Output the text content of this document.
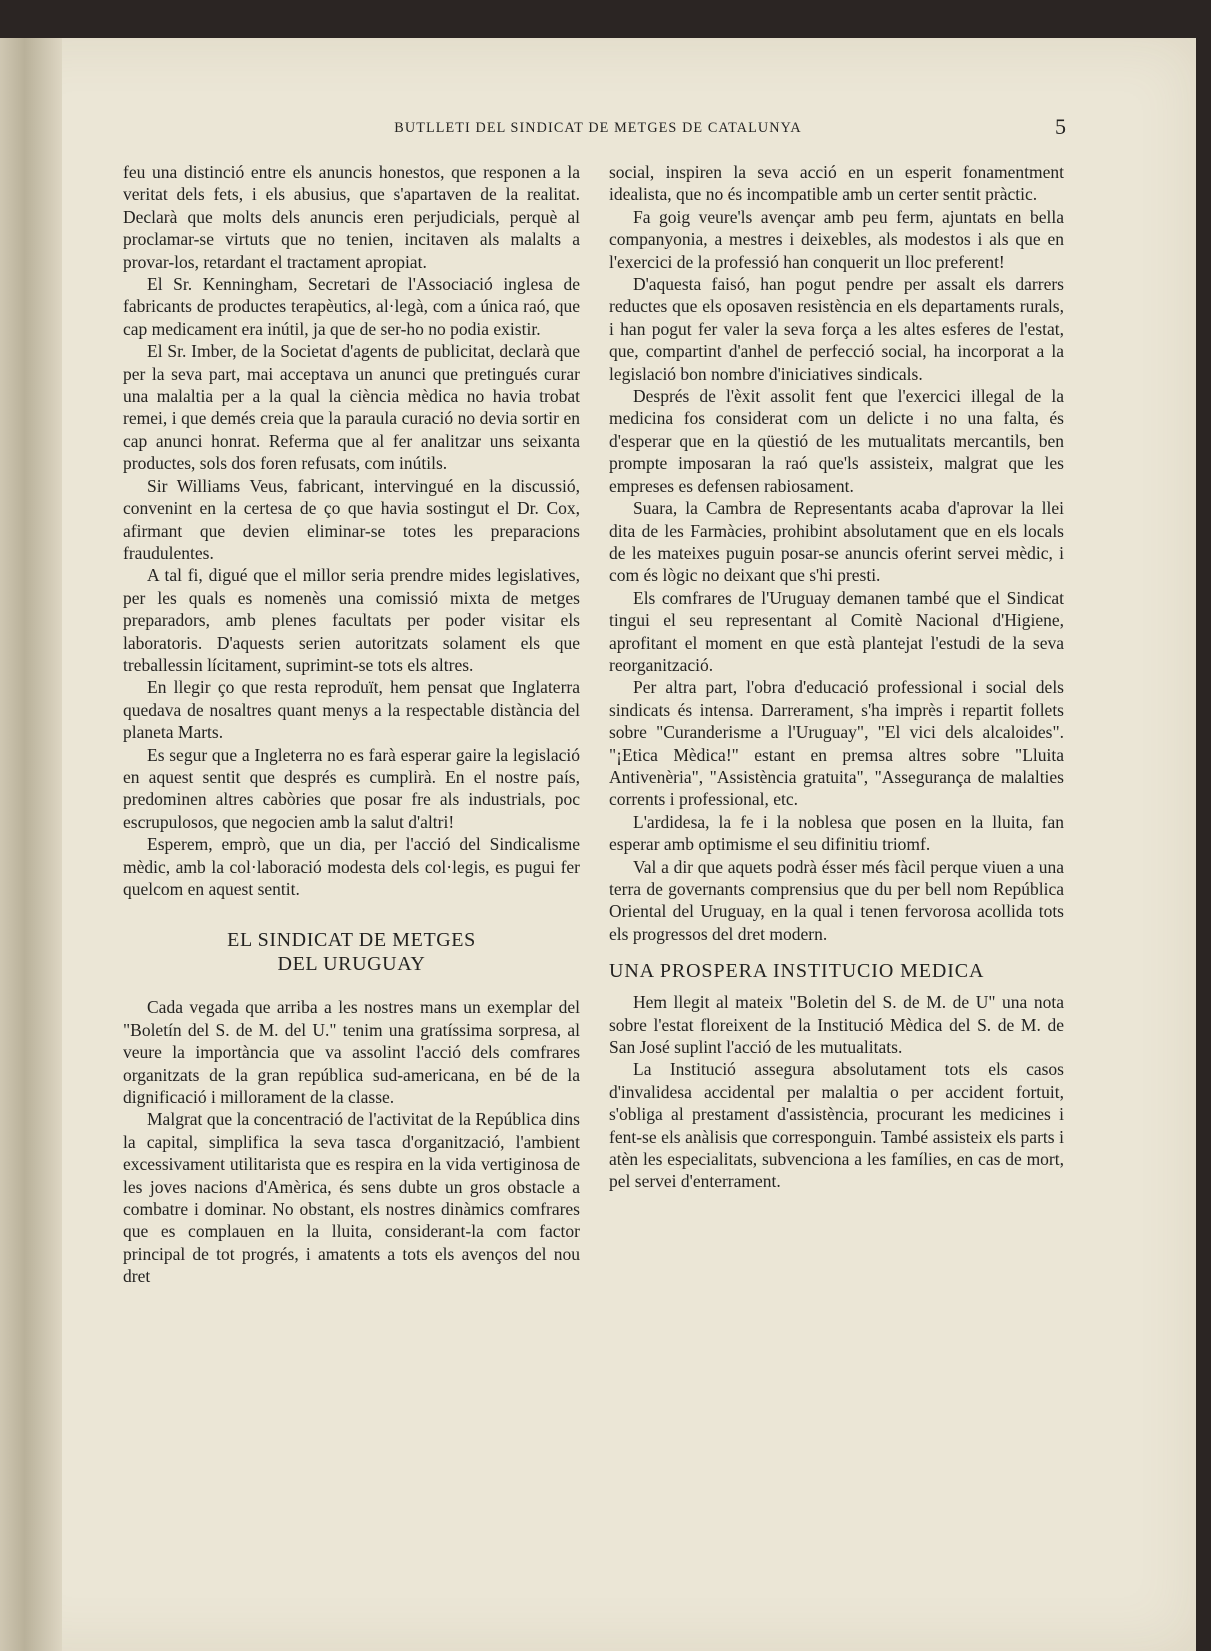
BUTLLETI DEL SINDICAT DE METGES DE CATALUNYA	5

feu una distinció entre els anuncis honestos, que responen a la veritat dels fets, i els abusius, que s'apartaven de la realitat. Declarà que molts dels anuncis eren perjudicials, perquè al proclamar-se virtuts que no tenien, incitaven als malalts a provar-los, retardant el tractament apropiat.

El Sr. Kenningham, Secretari de l'Associació inglesa de fabricants de productes terapèutics, al·legà, com a única raó, que cap medicament era inútil, ja que de ser-ho no podia existir.

El Sr. Imber, de la Societat d'agents de publicitat, declarà que per la seva part, mai acceptava un anunci que pretingués curar una malaltia per a la qual la ciència mèdica no havia trobat remei, i que demés creia que la paraula curació no devia sortir en cap anunci honrat. Referma que al fer analitzar uns seixanta productes, sols dos foren refusats, com inútils.

Sir Williams Veus, fabricant, intervingué en la discussió, convenint en la certesa de ço que havia sostingut el Dr. Cox, afirmant que devien eliminar-se totes les preparacions fraudulentes.

A tal fi, digué que el millor seria prendre mides legislatives, per les quals es nomenès una comissió mixta de metges preparadors, amb plenes facultats per poder visitar els laboratoris. D'aquests serien autoritzats solament els que treballessin lícitament, suprimint-se tots els altres.

En llegir ço que resta reproduït, hem pensat que Inglaterra quedava de nosaltres quant menys a la respectable distància del planeta Marts.

Es segur que a Ingleterra no es farà esperar gaire la legislació en aquest sentit que després es cumplirà. En el nostre país, predominen altres cabòries que posar fre als industrials, poc escrupulosos, que negocien amb la salut d'altri!

Esperem, emprò, que un dia, per l'acció del Sindicalisme mèdic, amb la col·laboració modesta dels col·legis, es pugui fer quelcom en aquest sentit.

EL SINDICAT DE METGES
DEL URUGUAY

Cada vegada que arriba a les nostres mans un exemplar del "Boletín del S. de M. del U." tenim una gratíssima sorpresa, al veure la importància que va assolint l'acció dels comfrares organitzats de la gran república sud-americana, en bé de la dignificació i millorament de la classe.

Malgrat que la concentració de l'activitat de la República dins la capital, simplifica la seva tasca d'organització, l'ambient excessivament utilitarista que es respira en la vida vertiginosa de les joves nacions d'Amèrica, és sens dubte un gros obstacle a combatre i dominar. No obstant, els nostres dinàmics comfrares que es complauen en la lluita, considerant-la com factor principal de tot progrés, i amatents a tots els avenços del nou dret

social, inspiren la seva acció en un esperit fonamentment idealista, que no és incompatible amb un certer sentit pràctic.

Fa goig veure'ls avençar amb peu ferm, ajuntats en bella companyonia, a mestres i deixebles, als modestos i als que en l'exercici de la professió han conquerit un lloc preferent!

D'aquesta faisó, han pogut pendre per assalt els darrers reductes que els oposaven resistència en els departaments rurals, i han pogut fer valer la seva força a les altes esferes de l'estat, que, compartint d'anhel de perfecció social, ha incorporat a la legislació bon nombre d'iniciatives sindicals.

Després de l'èxit assolit fent que l'exercici illegal de la medicina fos considerat com un delicte i no una falta, és d'esperar que en la qüestió de les mutualitats mercantils, ben prompte imposaran la raó que'ls assisteix, malgrat que les empreses es defensen rabiosament.

Suara, la Cambra de Representants acaba d'aprovar la llei dita de les Farmàcies, prohibint absolutament que en els locals de les mateixes puguin posar-se anuncis oferint servei mèdic, i com és lògic no deixant que s'hi presti.

Els comfrares de l'Uruguay demanen també que el Sindicat tingui el seu representant al Comitè Nacional d'Higiene, aprofitant el moment en que està plantejat l'estudi de la seva reorganització.

Per altra part, l'obra d'educació professional i social dels sindicats és intensa. Darrerament, s'ha imprès i repartit follets sobre "Curanderisme a l'Uruguay", "El vici dels alcaloides". "¡Etica Mèdica!" estant en premsa altres sobre "Lluita Antivenèria", "Assistència gratuita", "Assegurança de malalties corrents i professional, etc.

L'ardidesa, la fe i la noblesa que posen en la lluita, fan esperar amb optimisme el seu difinitiu triomf.

Val a dir que aquets podrà ésser més fàcil perque viuen a una terra de governants comprensius que du per bell nom República Oriental del Uruguay, en la qual i tenen fervorosa acollida tots els progressos del dret modern.

UNA PROSPERA INSTITUCIO MEDICA

Hem llegit al mateix "Boletin del S. de M. de U" una nota sobre l'estat floreixent de la Institució Mèdica del S. de M. de San José suplint l'acció de les mutualitats.

La Institució assegura absolutament tots els casos d'invalidesa accidental per malaltia o per accident fortuit, s'obliga al prestament d'assistència, procurant les medicines i fent-se els anàlisis que corresponguin. També assisteix els parts i atèn les especialitats, subvenciona a les famílies, en cas de mort, pel servei d'enterrament.
